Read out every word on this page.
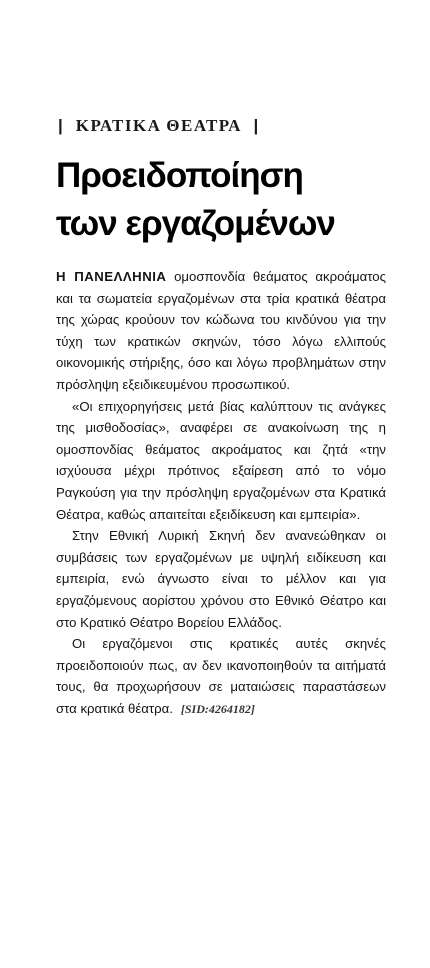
| ΚΡΑΤΙΚΑ ΘΕΑΤΡΑ |
Προειδοποίηση
των εργαζομένων

Η ΠΑΝΕΛΛΗΝΙΑ ομοσπονδία θεάματος ακροάματος και τα σωματεία εργαζομένων στα τρία κρατικά θέατρα της χώρας κρούουν τον κώδωνα του κινδύνου για την τύχη των κρατικών σκηνών, τόσο λόγω ελλιπούς οικονομικής στήριξης, όσο και λόγω προβλημάτων στην πρόσληψη εξειδικευμένου προσωπικού.

«Οι επιχορηγήσεις μετά βίας καλύπτουν τις ανάγκες της μισθοδοσίας», αναφέρει σε ανακοίνωση της η ομοσπονδίας θεάματος ακροάματος και ζητά «την ισχύουσα μέχρι πρότινος εξαίρεση από το νόμο Ραγκούση για την πρόσληψη εργαζομένων στα Κρατικά Θέατρα, καθώς απαιτείται εξειδίκευση και εμπειρία».

Στην Εθνική Λυρική Σκηνή δεν ανανεώθηκαν οι συμβάσεις των εργαζομένων με υψηλή ειδίκευση και εμπειρία, ενώ άγνωστο είναι το μέλλον και για εργαζόμενους αορίστου χρόνου στο Εθνικό Θέατρο και στο Κρατικό Θέατρο Βορείου Ελλάδος.

Οι εργαζόμενοι στις κρατικές αυτές σκηνές προειδοποιούν πως, αν δεν ικανοποιηθούν τα αιτήματά τους, θα προχωρήσουν σε ματαιώσεις παραστάσεων στα κρατικά θέατρα. [SID:4264182]
